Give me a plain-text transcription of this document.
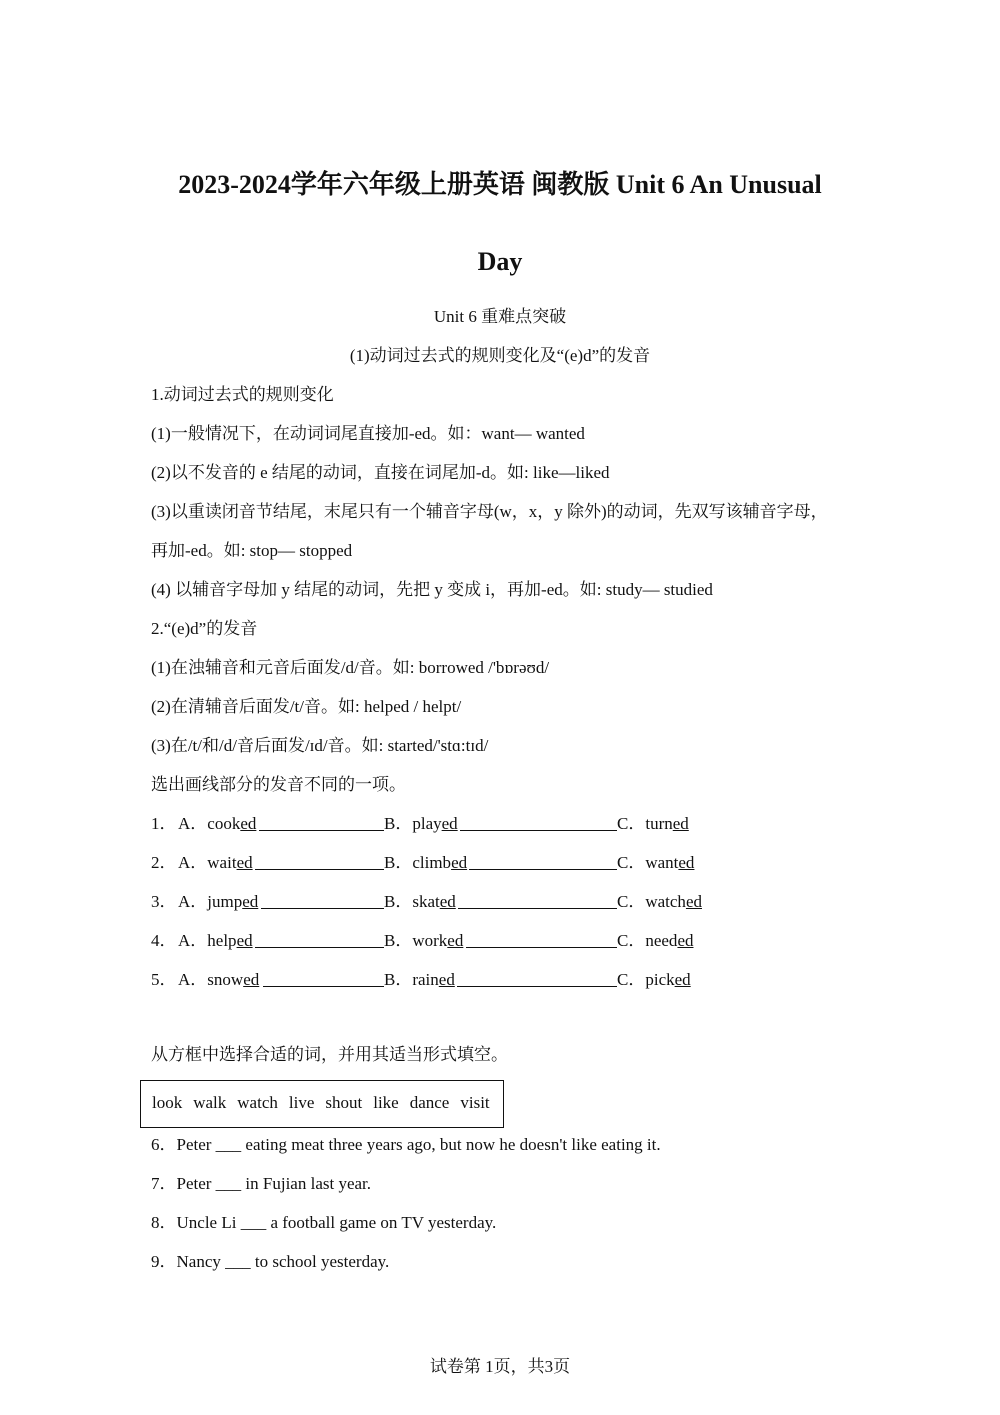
2023-2024学年六年级上册英语 闽教版 Unit 6 An Unusual
Day
Unit 6 重难点突破
(1)动词过去式的规则变化及“(e)d”的发音
1.动词过去式的规则变化
(1)一般情况下，在动词词尾直接加-ed。如：want— wanted
(2)以不发音的 e 结尾的动词，直接在词尾加-d。如: like—liked
(3)以重读闭音节结尾，末尾只有一个辅音字母(w，x，y 除外)的动词，先双写该辅音字母，
再加-ed。如: stop— stopped
(4) 以辅音字母加 y 结尾的动词，先把 y 变成 i，再加-ed。如: study— studied
2.“(e)d”的发音
(1)在浊辅音和元音后面发/d/音。如: borrowed /'bɒrəʊd/
(2)在清辅音后面发/t/音。如: helped / helpt/
(3)在/t/和/d/音后面发/ɪd/音。如: started/'stɑ:tɪd/
选出画线部分的发音不同的一项。
1． A．cooked	B．played	C．turned
2． A．waited	B．climbed	C．wanted
3． A．jumped	B．skated	C．watched
4． A．helped	B．worked	C．needed
5． A．snowed	B．rained	C．picked
从方框中选择合适的词，并用其适当形式填空。
look walk watch live shout like dance visit
6．Peter ___ eating meat three years ago, but now he doesn't like eating it.
7．Peter ___ in Fujian last year.
8．Uncle Li ___ a football game on TV yesterday.
9．Nancy ___ to school yesterday.
试卷第 1页，共3页
